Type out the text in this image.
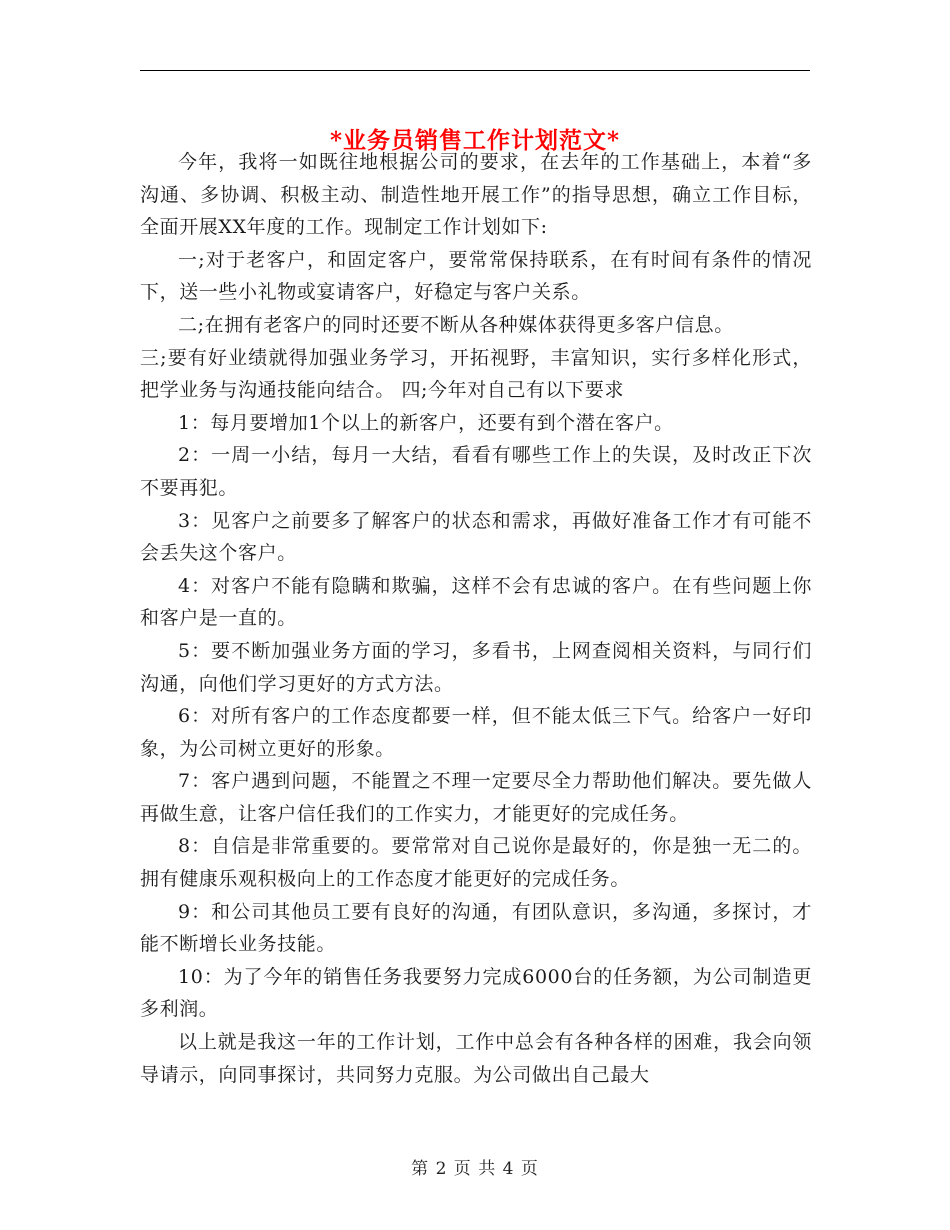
*业务员销售工作计划范文*

今年，我将一如既往地根据公司的要求，在去年的工作基础上，本着“多沟通、多协调、积极主动、制造性地开展工作”的指导思想，确立工作目标，全面开展XX年度的工作。现制定工作计划如下:

一;对于老客户，和固定客户，要常常保持联系，在有时间有条件的情况下，送一些小礼物或宴请客户，好稳定与客户关系。

二;在拥有老客户的同时还要不断从各种媒体获得更多客户信息。

三;要有好业绩就得加强业务学习，开拓视野，丰富知识，实行多样化形式，把学业务与沟通技能向结合。 四;今年对自己有以下要求

1：每月要增加1个以上的新客户，还要有到个潜在客户。

2：一周一小结，每月一大结，看看有哪些工作上的失误，及时改正下次不要再犯。

3：见客户之前要多了解客户的状态和需求，再做好准备工作才有可能不会丢失这个客户。

4：对客户不能有隐瞒和欺骗，这样不会有忠诚的客户。在有些问题上你和客户是一直的。

5：要不断加强业务方面的学习，多看书，上网查阅相关资料，与同行们沟通，向他们学习更好的方式方法。

6：对所有客户的工作态度都要一样，但不能太低三下气。给客户一好印象，为公司树立更好的形象。

7：客户遇到问题，不能置之不理一定要尽全力帮助他们解决。要先做人再做生意，让客户信任我们的工作实力，才能更好的完成任务。

8：自信是非常重要的。要常常对自己说你是最好的，你是独一无二的。拥有健康乐观积极向上的工作态度才能更好的完成任务。

9：和公司其他员工要有良好的沟通，有团队意识，多沟通，多探讨，才能不断增长业务技能。

10：为了今年的销售任务我要努力完成6000台的任务额，为公司制造更多利润。

以上就是我这一年的工作计划，工作中总会有各种各样的困难，我会向领导请示，向同事探讨，共同努力克服。为公司做出自己最大

第 2 页 共 4 页
